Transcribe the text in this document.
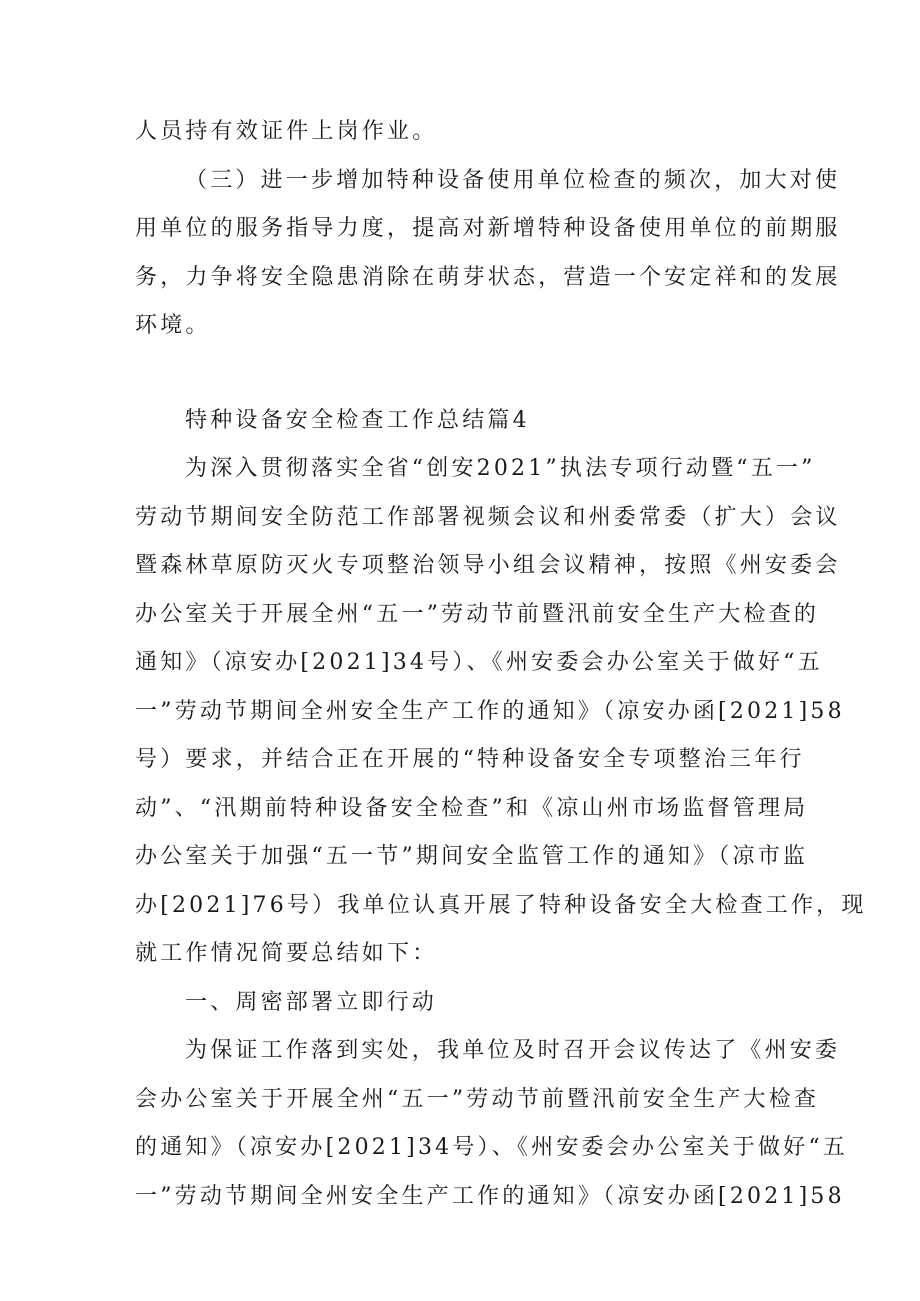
人员持有效证件上岗作业。
（三）进一步增加特种设备使用单位检查的频次，加大对使
用单位的服务指导力度，提高对新增特种设备使用单位的前期服
务，力争将安全隐患消除在萌芽状态，营造一个安定祥和的发展
环境。
特种设备安全检查工作总结篇4
为深入贯彻落实全省“创安2021”执法专项行动暨“五一”
劳动节期间安全防范工作部署视频会议和州委常委（扩大）会议
暨森林草原防灭火专项整治领导小组会议精神，按照《州安委会
办公室关于开展全州“五一”劳动节前暨汛前安全生产大检查的
通知》（凉安办[2021]34号）、《州安委会办公室关于做好“五
一”劳动节期间全州安全生产工作的通知》（凉安办函[2021]58
号）要求，并结合正在开展的“特种设备安全专项整治三年行
动”、“汛期前特种设备安全检查”和《凉山州市场监督管理局
办公室关于加强“五一节”期间安全监管工作的通知》（凉市监
办[2021]76号）我单位认真开展了特种设备安全大检查工作，现
就工作情况简要总结如下：
一、周密部署立即行动
为保证工作落到实处，我单位及时召开会议传达了《州安委
会办公室关于开展全州“五一”劳动节前暨汛前安全生产大检查
的通知》（凉安办[2021]34号）、《州安委会办公室关于做好“五
一”劳动节期间全州安全生产工作的通知》（凉安办函[2021]58
